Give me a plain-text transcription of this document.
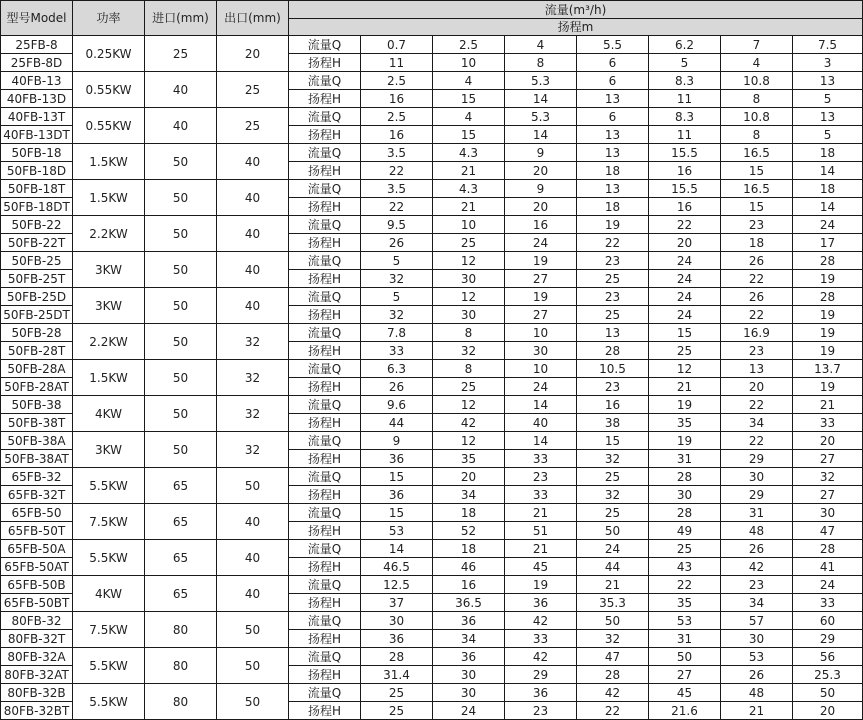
型号Model	功率	进口(mm)	出口(mm)	流量(m³/h)							
				扬程m							
25FB-8	0.25KW	25	20	流量Q	0.7	2.5	4	5.5	6.2	7	7.5
25FB-8D				扬程H	11	10	8	6	5	4	3
40FB-13	0.55KW	40	25	流量Q	2.5	4	5.3	6	8.3	10.8	13
40FB-13D				扬程H	16	15	14	13	11	8	5
40FB-13T	0.55KW	40	25	流量Q	2.5	4	5.3	6	8.3	10.8	13
40FB-13DT				扬程H	16	15	14	13	11	8	5
50FB-18	1.5KW	50	40	流量Q	3.5	4.3	9	13	15.5	16.5	18
50FB-18D				扬程H	22	21	20	18	16	15	14
50FB-18T	1.5KW	50	40	流量Q	3.5	4.3	9	13	15.5	16.5	18
50FB-18DT				扬程H	22	21	20	18	16	15	14
50FB-22	2.2KW	50	40	流量Q	9.5	10	16	19	22	23	24
50FB-22T				扬程H	26	25	24	22	20	18	17
50FB-25	3KW	50	40	流量Q	5	12	19	23	24	26	28
50FB-25T				扬程H	32	30	27	25	24	22	19
50FB-25D	3KW	50	40	流量Q	5	12	19	23	24	26	28
50FB-25DT				扬程H	32	30	27	25	24	22	19
50FB-28	2.2KW	50	32	流量Q	7.8	8	10	13	15	16.9	19
50FB-28T				扬程H	33	32	30	28	25	23	19
50FB-28A	1.5KW	50	32	流量Q	6.3	8	10	10.5	12	13	13.7
50FB-28AT				扬程H	26	25	24	23	21	20	19
50FB-38	4KW	50	32	流量Q	9.6	12	14	16	19	22	21
50FB-38T				扬程H	44	42	40	38	35	34	33
50FB-38A	3KW	50	32	流量Q	9	12	14	15	19	22	20
50FB-38AT				扬程H	36	35	33	32	31	29	27
65FB-32	5.5KW	65	50	流量Q	15	20	23	25	28	30	32
65FB-32T				扬程H	36	34	33	32	30	29	27
65FB-50	7.5KW	65	40	流量Q	15	18	21	25	28	31	30
65FB-50T				扬程H	53	52	51	50	49	48	47
65FB-50A	5.5KW	65	40	流量Q	14	18	21	24	25	26	28
65FB-50AT				扬程H	46.5	46	45	44	43	42	41
65FB-50B	4KW	65	40	流量Q	12.5	16	19	21	22	23	24
65FB-50BT				扬程H	37	36.5	36	35.3	35	34	33
80FB-32	7.5KW	80	50	流量Q	30	36	42	50	53	57	60
80FB-32T				扬程H	36	34	33	32	31	30	29
80FB-32A	5.5KW	80	50	流量Q	28	36	42	47	50	53	56
80FB-32AT				扬程H	31.4	30	29	28	27	26	25.3
80FB-32B	5.5KW	80	50	流量Q	25	30	36	42	45	48	50
80FB-32BT				扬程H	25	24	23	22	21.6	21	20
